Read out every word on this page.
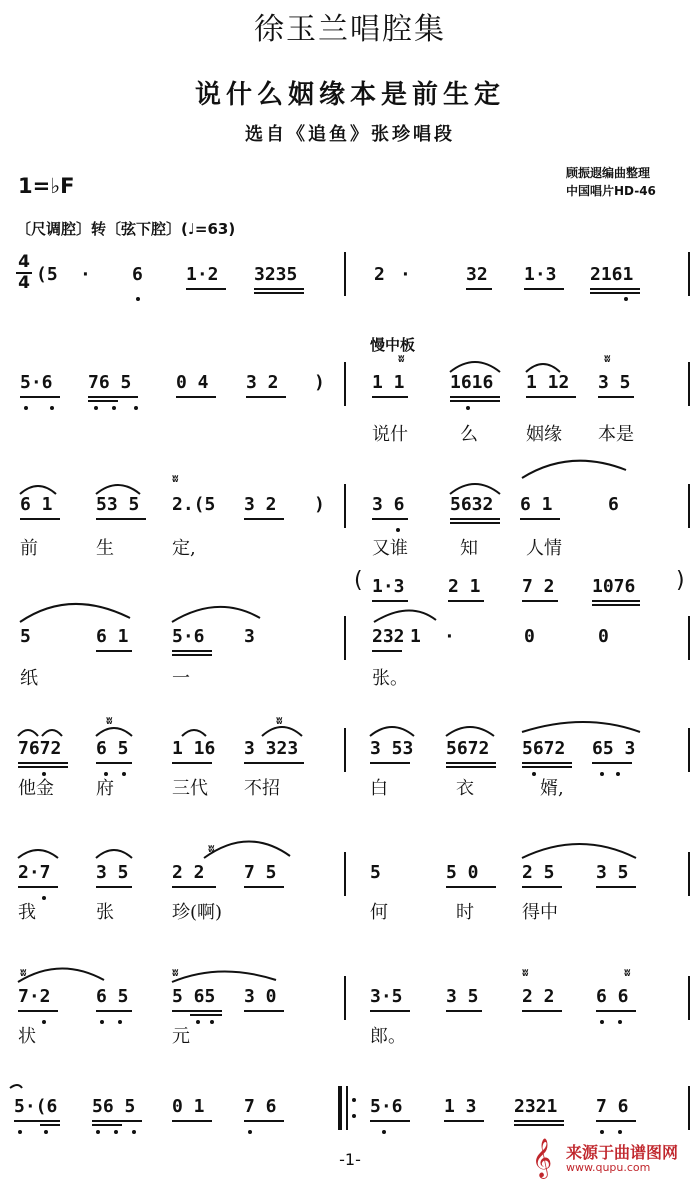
徐玉兰唱腔集
说什么姻缘本是前生定
选自《追鱼》张珍唱段
1=♭F
顾振遐编曲整理
中国唱片HD-46
〔尺调腔〕转〔弦下腔〕(♩=63)
4
4 (5 · 6 1·2 3235	2 ·	32 1·3 2161
慢中板
5·6 76 5 0 4 3 2 )	1 1	1616 1 12 3 5
说什	么	姻缘 本是
6 1 53 5 2.(5 3 2 )	3 6	5632 6 1	6
前	生	定,	又谁	知	人情
( 1·3 2 1 7 2 1076 )
5	6 1 5·6 3	232 1 ·	0	0
纸	一	张。
7672 6 5 1 16 3 323	3 53 5672 5672 65 3
他金 府	三代 不招	白	衣	婿,
2·7	3 5 2 2 7 5	5	5 0 2 5 3 5
我	张	珍(啊)	何	时	得中
7·2	6 5 5 65 3 0	3·5 3 5 2 2 6 6
状	元	郎。
5·(6 56 5 0 1 7 6	5·6 1 3 2321 7 6
ʬ	ʬ
ʬ
ʬ	ʬ
ʬ
ʬ	ʬ	ʬ	ʬ
-1-	𝄞 来源于曲谱图网
www.qupu.com
